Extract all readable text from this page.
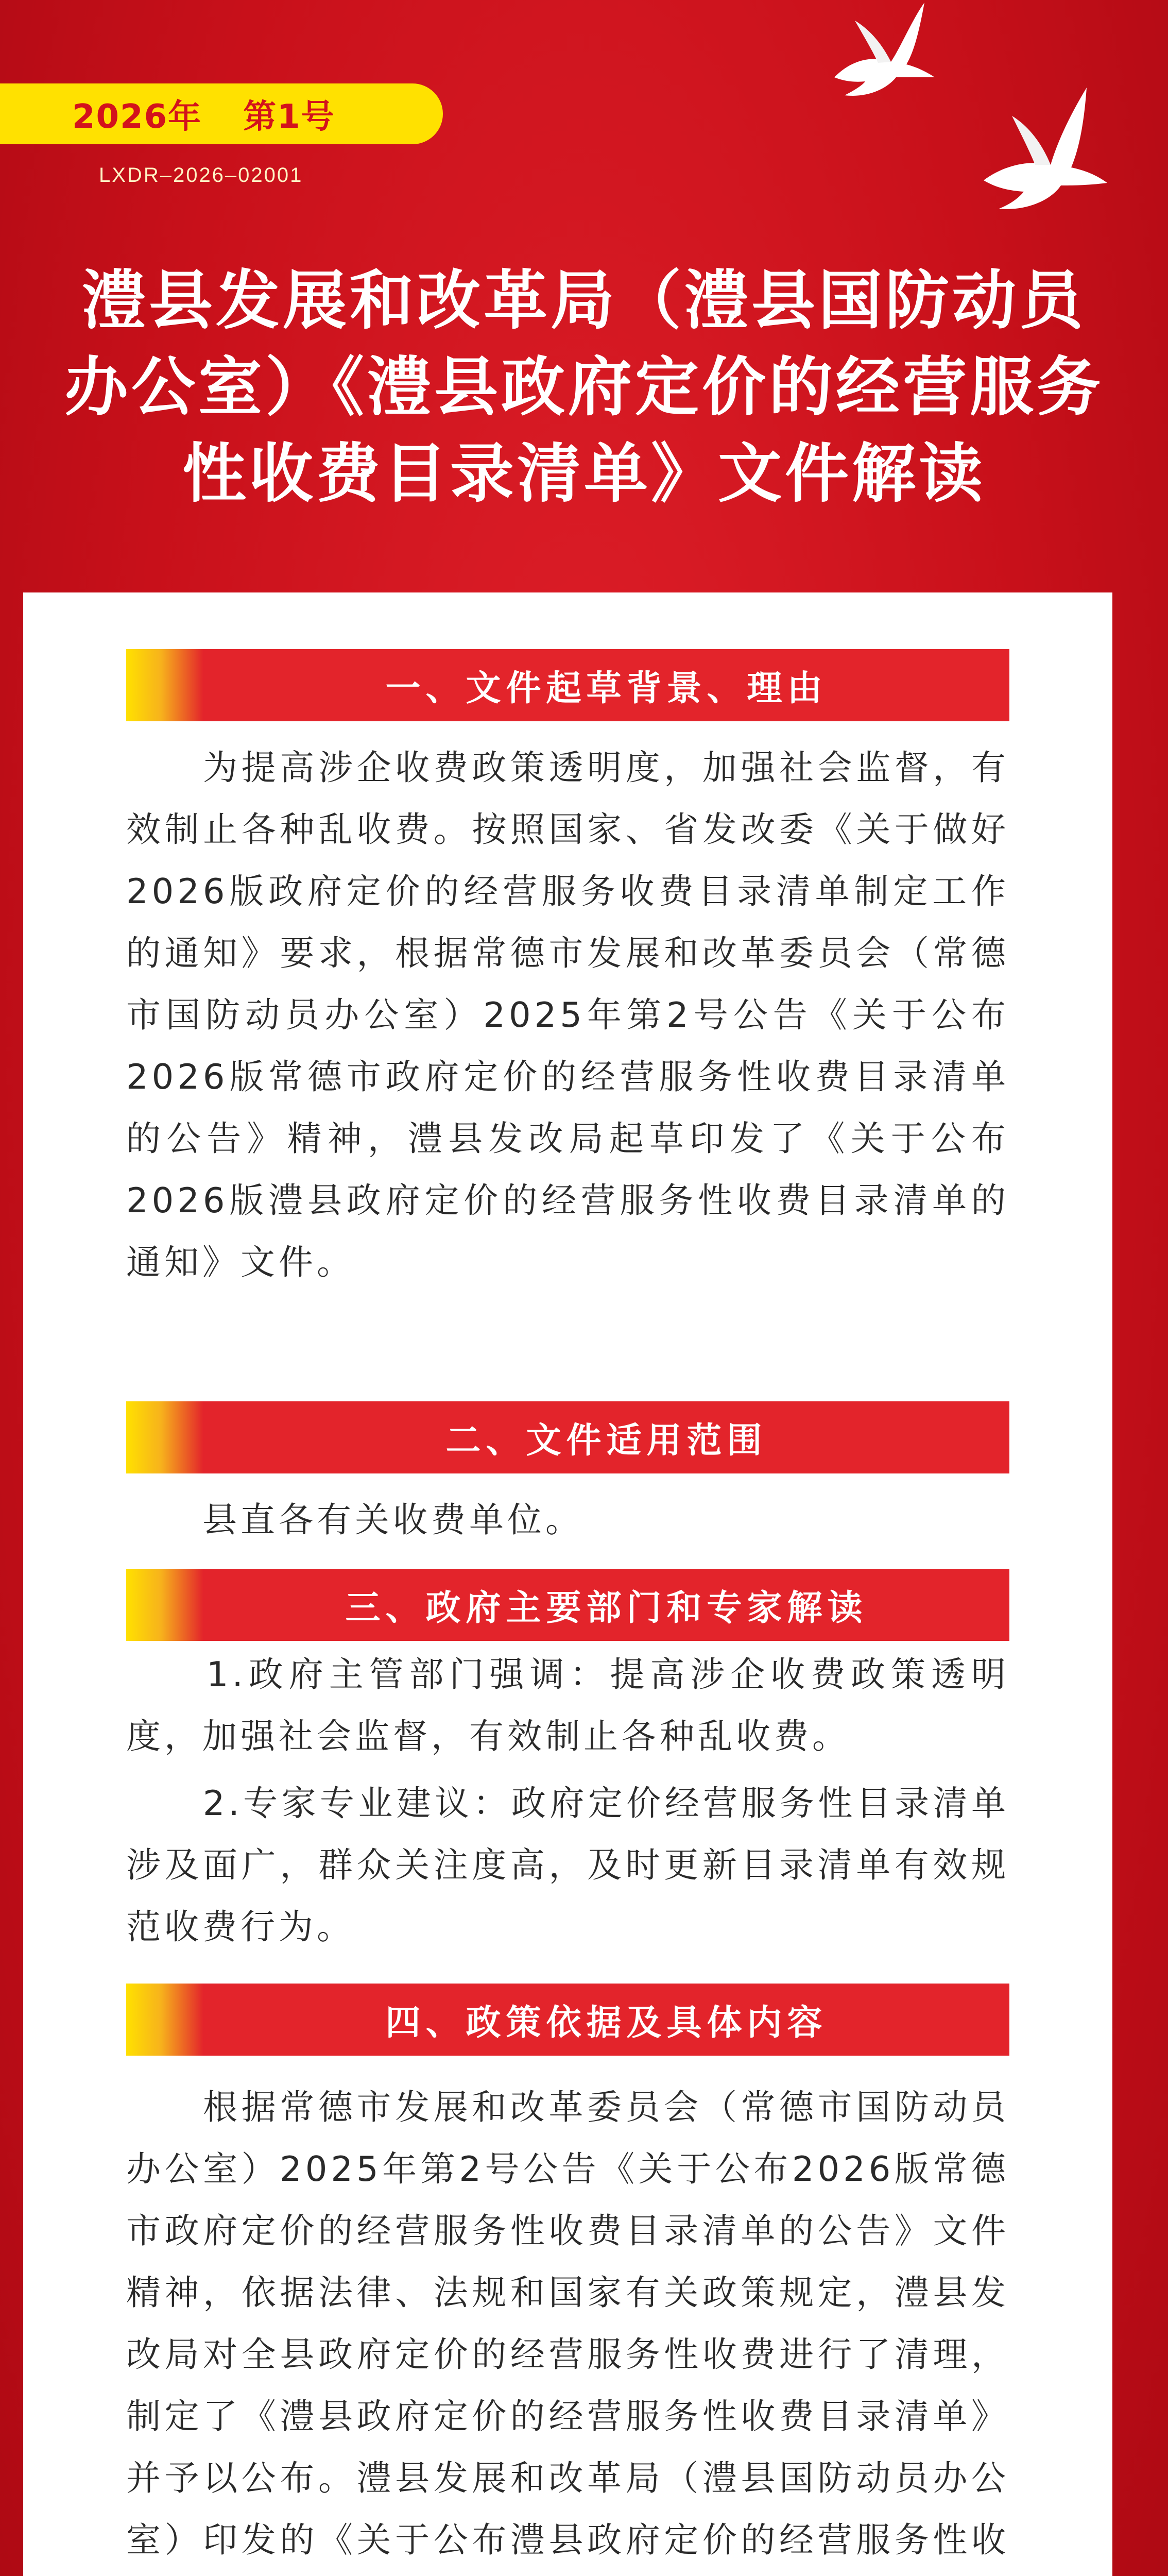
2026年 第1号
LXDR–2026–02001
澧县发展和改革局（澧县国防动员办公室）《澧县政府定价的经营服务性收费目录清单》文件解读
一、文件起草背景、理由
　　为提高涉企收费政策透明度，加强社会监督，有效制止各种乱收费。按照国家、省发改委《关于做好2026版政府定价的经营服务收费目录清单制定工作的通知》要求，根据常德市发展和改革委员会（常德市国防动员办公室）2025年第2号公告《关于公布2026版常德市政府定价的经营服务性收费目录清单的公告》精神，澧县发改局起草印发了《关于公布2026版澧县政府定价的经营服务性收费目录清单的通知》文件。
二、文件适用范围
　　县直各有关收费单位。
三、政府主要部门和专家解读
　　1.政府主管部门强调：提高涉企收费政策透明度，加强社会监督，有效制止各种乱收费。
　　2.专家专业建议：政府定价经营服务性目录清单涉及面广，群众关注度高，及时更新目录清单有效规范收费行为。
四、政策依据及具体内容
　　根据常德市发展和改革委员会（常德市国防动员办公室）2025年第2号公告《关于公布2026版常德市政府定价的经营服务性收费目录清单的公告》文件精神，依据法律、法规和国家有关政策规定，澧县发改局对全县政府定价的经营服务性收费进行了清理，制定了《澧县政府定价的经营服务性收费目录清单》并予以公布。澧县发展和改革局（澧县国防动员办公室）印发的《关于公布澧县政府定价的经营服务性收
